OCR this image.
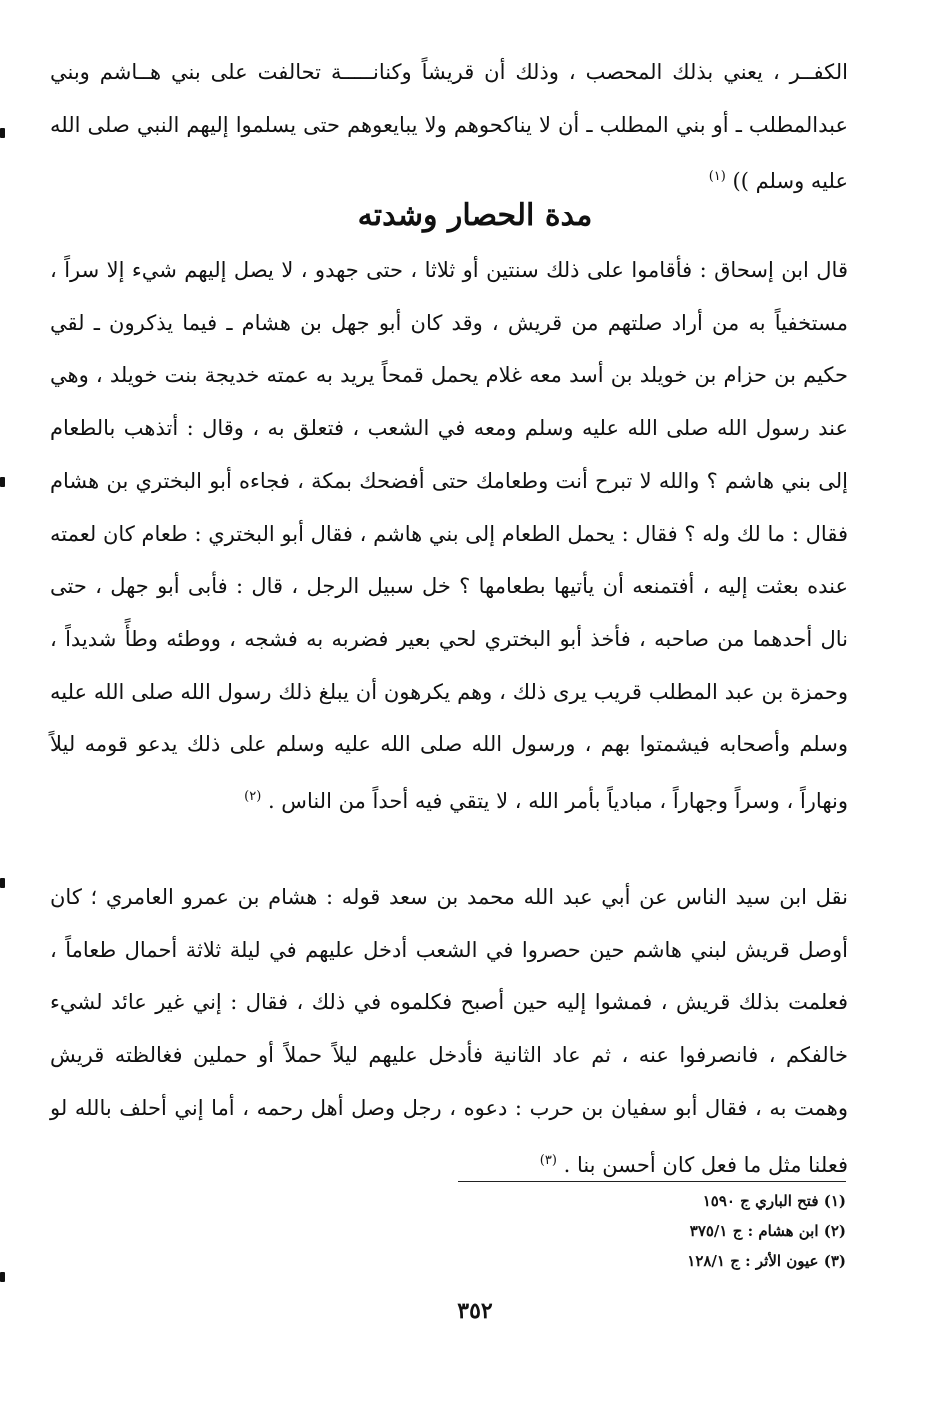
الكفــر ، يعني بذلك المحصب ، وذلك أن قريشاً وكنانـــــة تحالفت على بني هــاشم وبني عبدالمطلب ـ أو بني المطلب ـ أن لا يناكحوهم ولا يبايعوهم حتى يسلموا إليهم النبي صلى الله عليه وسلم )) $^{(١)}$

مدة الحصار وشدته

قال ابن إسحاق : فأقاموا على ذلك سنتين أو ثلاثا ، حتى جهدو ، لا يصل إليهم شيء إلا سراً ، مستخفياً به من أراد صلتهم من قريش ، وقد كان أبو جهل بن هشام ـ فيما يذكرون ـ لقي حكيم بن حزام بن خويلد بن أسد معه غلام يحمل قمحاً يريد به عمته خديجة بنت خويلد ، وهي عند رسول الله صلى الله عليه وسلم ومعه في الشعب ، فتعلق به ، وقال : أتذهب بالطعام إلى بني هاشم ؟ والله لا تبرح أنت وطعامك حتى أفضحك بمكة ، فجاءه أبو البختري بن هشام فقال : ما لك وله ؟ فقال : يحمل الطعام إلى بني هاشم ، فقال أبو البختري : طعام كان لعمته عنده بعثت إليه ، أفتمنعه أن يأتيها بطعامها ؟ خل سبيل الرجل ، قال : فأبى أبو جهل ، حتى نال أحدهما من صاحبه ، فأخذ أبو البختري لحي بعير فضربه به فشجه ، ووطئه وطأً شديداً ، وحمزة بن عبد المطلب قريب يرى ذلك ، وهم يكرهون أن يبلغ ذلك رسول الله صلى الله عليه وسلم وأصحابه فيشمتوا بهم ، ورسول الله صلى الله عليه وسلم على ذلك يدعو قومه ليلاً ونهاراً ، وسراً وجهاراً ، مبادياً بأمر الله ، لا يتقي فيه أحداً من الناس . $^{(٢)}$

نقل ابن سيد الناس عن أبي عبد الله محمد بن سعد قوله : هشام بن عمرو العامري ؛ كان أوصل قريش لبني هاشم حين حصروا في الشعب أدخل عليهم في ليلة ثلاثة أحمال طعاماً ، فعلمت بذلك قريش ، فمشوا إليه حين أصبح فكلموه في ذلك ، فقال : إني غير عائد لشيء خالفكم ، فانصرفوا عنه ، ثم عاد الثانية فأدخل عليهم ليلاً حملاً أو حملين فغالظته قريش وهمت به ، فقال أبو سفيان بن حرب : دعوه ، رجل وصل أهل رحمه ، أما إني أحلف بالله لو فعلنا مثل ما فعل كان أحسن بنا . $^{(٣)}$

(١) فتح الباري ج ١٥٩٠
(٢) ابن هشام : ج ٣٧٥/١
(٣) عيون الأثر : ج ١٢٨/١
٣٥٢
